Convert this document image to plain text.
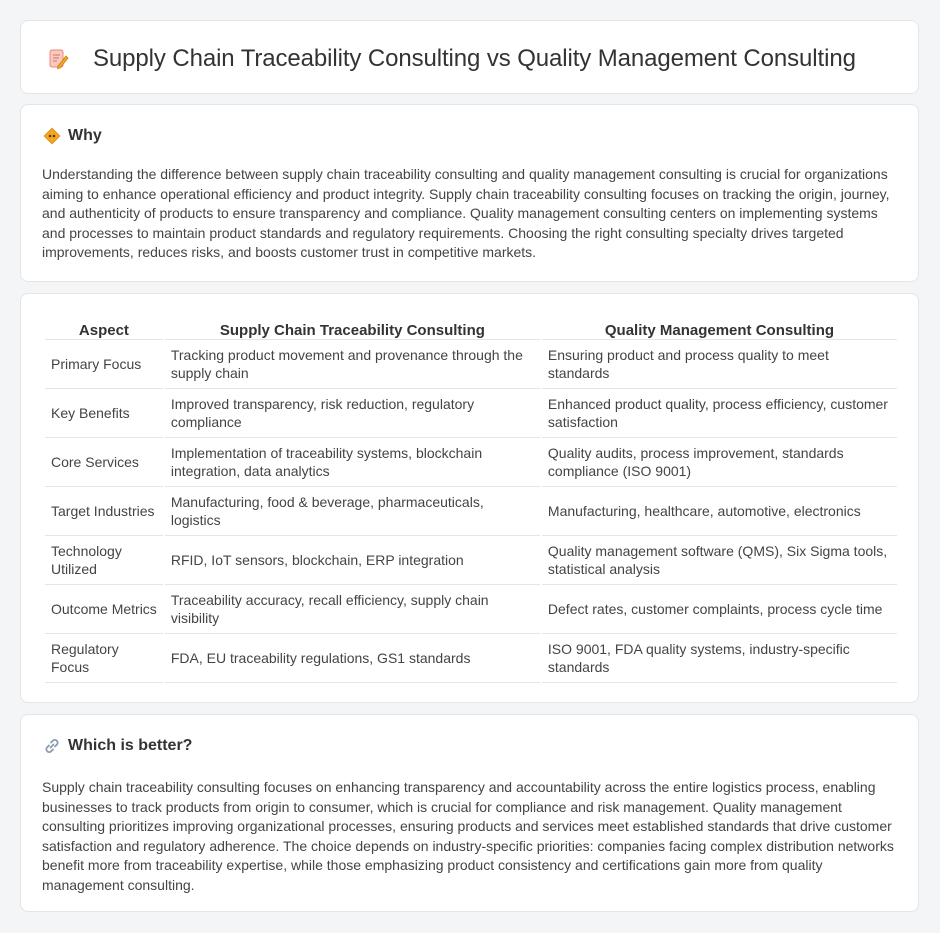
Supply Chain Traceability Consulting vs Quality Management Consulting
Why

Understanding the difference between supply chain traceability consulting and quality management consulting is crucial for organizations aiming to enhance operational efficiency and product integrity. Supply chain traceability consulting focuses on tracking the origin, journey, and authenticity of products to ensure transparency and compliance. Quality management consulting centers on implementing systems and processes to maintain product standards and regulatory requirements. Choosing the right consulting specialty drives targeted improvements, reduces risks, and boosts customer trust in competitive markets.

Aspect	Supply Chain Traceability Consulting	Quality Management Consulting
Primary Focus	Tracking product movement and provenance through the supply chain	Ensuring product and process quality to meet standards
Key Benefits	Improved transparency, risk reduction, regulatory compliance	Enhanced product quality, process efficiency, customer satisfaction
Core Services	Implementation of traceability systems, blockchain integration, data analytics	Quality audits, process improvement, standards compliance (ISO 9001)
Target Industries	Manufacturing, food & beverage, pharmaceuticals, logistics	Manufacturing, healthcare, automotive, electronics
Technology Utilized	RFID, IoT sensors, blockchain, ERP integration	Quality management software (QMS), Six Sigma tools, statistical analysis
Outcome Metrics	Traceability accuracy, recall efficiency, supply chain visibility	Defect rates, customer complaints, process cycle time
Regulatory Focus	FDA, EU traceability regulations, GS1 standards	ISO 9001, FDA quality systems, industry-specific standards
Which is better?

Supply chain traceability consulting focuses on enhancing transparency and accountability across the entire logistics process, enabling businesses to track products from origin to consumer, which is crucial for compliance and risk management. Quality management consulting prioritizes improving organizational processes, ensuring products and services meet established standards that drive customer satisfaction and regulatory adherence. The choice depends on industry-specific priorities: companies facing complex distribution networks benefit more from traceability expertise, while those emphasizing product consistency and certifications gain more from quality management consulting.
